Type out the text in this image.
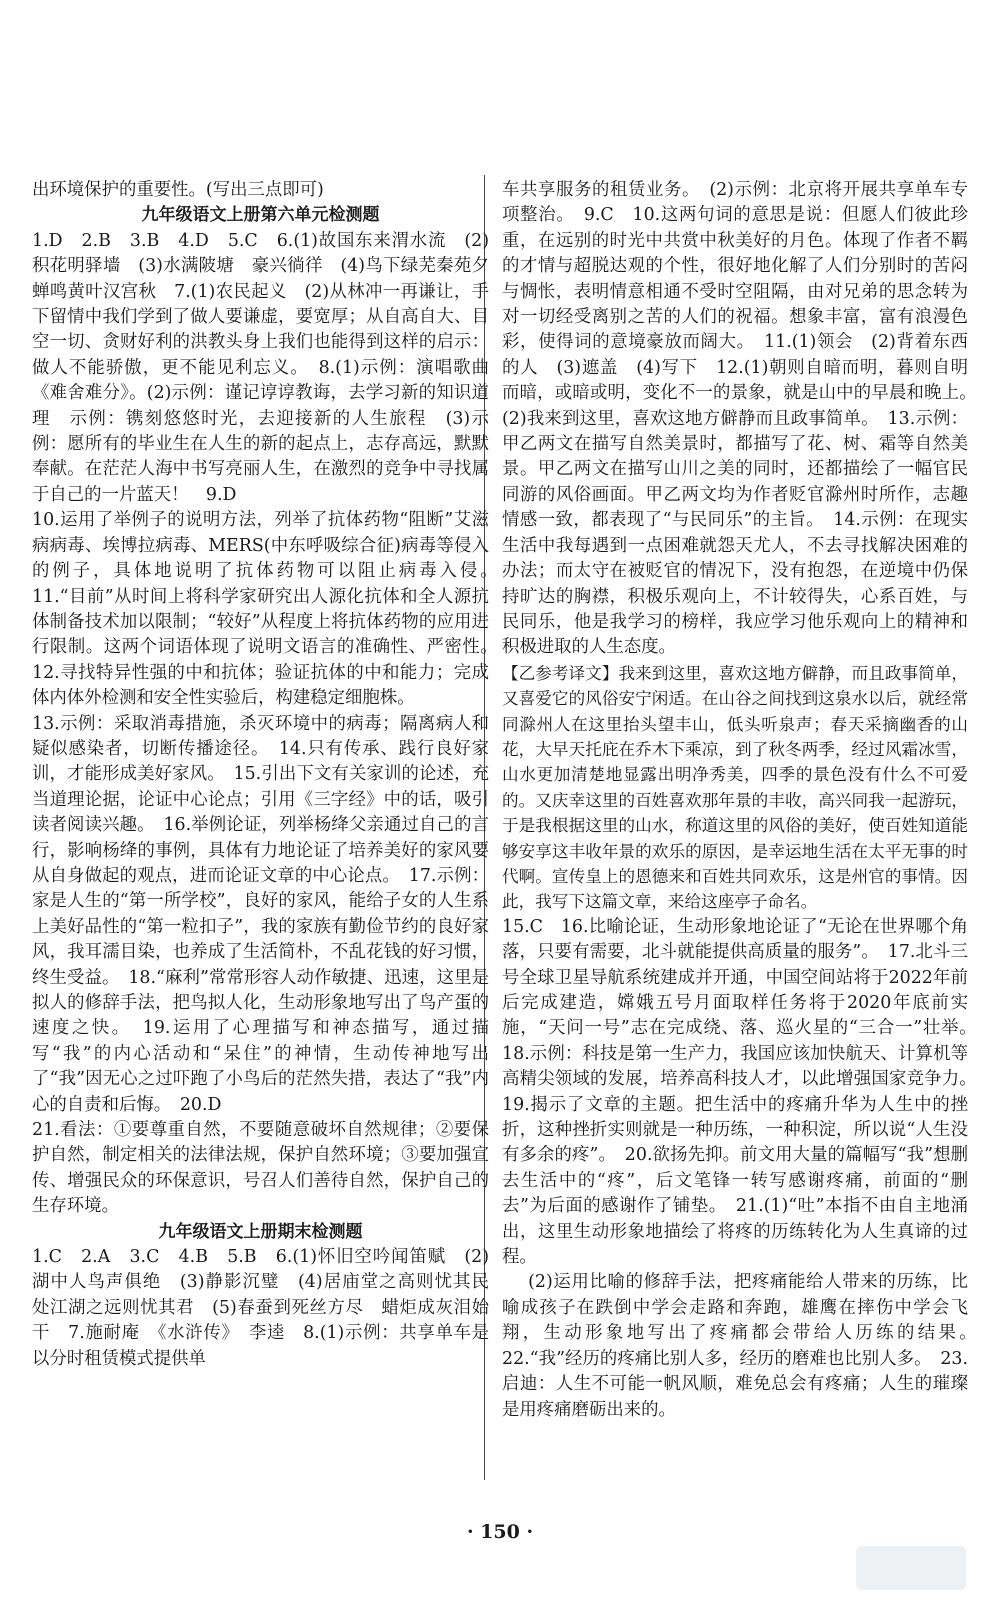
出环境保护的重要性。(写出三点即可)

九年级语文上册第六单元检测题

1.D　2.B　3.B　4.D　5.C　6.(1)故国东来渭水流　(2)积花明驿墙　(3)水满陂塘　豪兴徜徉　(4)鸟下绿芜秦苑夕　蝉鸣黄叶汉宫秋　7.(1)农民起义　(2)从林冲一再谦让，手下留情中我们学到了做人要谦虚，要宽厚；从自高自大、目空一切、贪财好利的洪教头身上我们也能得到这样的启示：做人不能骄傲，更不能见利忘义。　8.(1)示例：演唱歌曲《难舍难分》。(2)示例：谨记谆谆教诲，去学习新的知识道理　示例：镌刻悠悠时光，去迎接新的人生旅程　(3)示例：愿所有的毕业生在人生的新的起点上，志存高远，默默奉献。在茫茫人海中书写亮丽人生，在激烈的竞争中寻找属于自己的一片蓝天！　9.D

10.运用了举例子的说明方法，列举了抗体药物“阻断”艾滋病病毒、埃博拉病毒、MERS(中东呼吸综合征)病毒等侵入的例子，具体地说明了抗体药物可以阻止病毒入侵。　11.“目前”从时间上将科学家研究出人源化抗体和全人源抗体制备技术加以限制；“较好”从程度上将抗体药物的应用进行限制。这两个词语体现了说明文语言的准确性、严密性。　12.寻找特异性强的中和抗体；验证抗体的中和能力；完成体内体外检测和安全性实验后，构建稳定细胞株。

13.示例：采取消毒措施，杀灭环境中的病毒；隔离病人和疑似感染者，切断传播途径。　14.只有传承、践行良好家训，才能形成美好家风。　15.引出下文有关家训的论述，充当道理论据，论证中心论点；引用《三字经》中的话，吸引读者阅读兴趣。　16.举例论证，列举杨绛父亲通过自己的言行，影响杨绛的事例，具体有力地论证了培养美好的家风要从自身做起的观点，进而论证文章的中心论点。　17.示例：家是人生的“第一所学校”，良好的家风，能给子女的人生系上美好品性的“第一粒扣子”，我的家族有勤俭节约的良好家风，我耳濡目染，也养成了生活简朴，不乱花钱的好习惯，终生受益。　18.“麻利”常常形容人动作敏捷、迅速，这里是拟人的修辞手法，把鸟拟人化，生动形象地写出了鸟产蛋的速度之快。　19.运用了心理描写和神态描写，通过描写“我”的内心活动和“呆住”的神情，生动传神地写出了“我”因无心之过吓跑了小鸟后的茫然失措，表达了“我”内心的自责和后悔。　20.D

21.看法：①要尊重自然，不要随意破坏自然规律；②要保护自然，制定相关的法律法规，保护自然环境；③要加强宣传、增强民众的环保意识，号召人们善待自然，保护自己的生存环境。

九年级语文上册期末检测题

1.C　2.A　3.C　4.B　5.B　6.(1)怀旧空吟闻笛赋　(2)湖中人鸟声俱绝　(3)静影沉璧　(4)居庙堂之高则忧其民　处江湖之远则忧其君　(5)春蚕到死丝方尽　蜡炬成灰泪始干　7.施耐庵　《水浒传》　李逵　8.(1)示例：共享单车是以分时租赁模式提供单

车共享服务的租赁业务。　(2)示例：北京将开展共享单车专项整治。　9.C　10.这两句词的意思是说：但愿人们彼此珍重，在远别的时光中共赏中秋美好的月色。体现了作者不羁的才情与超脱达观的个性，很好地化解了人们分别时的苦闷与惆怅，表明情意相通不受时空阻隔，由对兄弟的思念转为对一切经受离别之苦的人们的祝福。想象丰富，富有浪漫色彩，使得词的意境豪放而阔大。　11.(1)领会　(2)背着东西的人　(3)遮盖　(4)写下　12.(1)朝则自暗而明，暮则自明而暗，或暗或明，变化不一的景象，就是山中的早晨和晚上。　(2)我来到这里，喜欢这地方僻静而且政事简单。　13.示例：甲乙两文在描写自然美景时，都描写了花、树、霜等自然美景。甲乙两文在描写山川之美的同时，还都描绘了一幅官民同游的风俗画面。甲乙两文均为作者贬官滁州时所作，志趣情感一致，都表现了“与民同乐”的主旨。　14.示例：在现实生活中我每遇到一点困难就怨天尤人，不去寻找解决困难的办法；而太守在被贬官的情况下，没有抱怨，在逆境中仍保持旷达的胸襟，积极乐观向上，不计较得失，心系百姓，与民同乐，他是我学习的榜样，我应学习他乐观向上的精神和积极进取的人生态度。

【乙参考译文】我来到这里，喜欢这地方僻静，而且政事简单，又喜爱它的风俗安宁闲适。在山谷之间找到这泉水以后，就经常同滁州人在这里抬头望丰山，低头听泉声；春天采摘幽香的山花，大早天托庇在乔木下乘凉，到了秋冬两季，经过风霜冰雪，山水更加清楚地显露出明净秀美，四季的景色没有什么不可爱的。又庆幸这里的百姓喜欢那年景的丰收，高兴同我一起游玩，于是我根据这里的山水，称道这里的风俗的美好，使百姓知道能够安享这丰收年景的欢乐的原因，是幸运地生活在太平无事的时代啊。宣传皇上的恩德来和百姓共同欢乐，这是州官的事情。因此，我写下这篇文章，来给这座亭子命名。

15.C　16.比喻论证，生动形象地论证了“无论在世界哪个角落，只要有需要，北斗就能提供高质量的服务”。　17.北斗三号全球卫星导航系统建成并开通，中国空间站将于2022年前后完成建造，嫦娥五号月面取样任务将于2020年底前实施，“天问一号”志在完成绕、落、巡火星的“三合一”壮举。　18.示例：科技是第一生产力，我国应该加快航天、计算机等高精尖领域的发展，培养高科技人才，以此增强国家竞争力。　19.揭示了文章的主题。把生活中的疼痛升华为人生中的挫折，这种挫折实则就是一种历练，一种积淀，所以说“人生没有多余的疼”。　20.欲扬先抑。前文用大量的篇幅写“我”想删去生活中的“疼”，后文笔锋一转写感谢疼痛，前面的“删去”为后面的感谢作了铺垫。　21.(1)“吐”本指不由自主地涌出，这里生动形象地描绘了将疼的历练转化为人生真谛的过程。

(2)运用比喻的修辞手法，把疼痛能给人带来的历练，比喻成孩子在跌倒中学会走路和奔跑，雄鹰在摔伤中学会飞翔，生动形象地写出了疼痛都会带给人历练的结果。　22.“我”经历的疼痛比别人多，经历的磨难也比别人多。　23.启迪：人生不可能一帆风顺，难免总会有疼痛；人生的璀璨是用疼痛磨砺出来的。

· 150 ·
